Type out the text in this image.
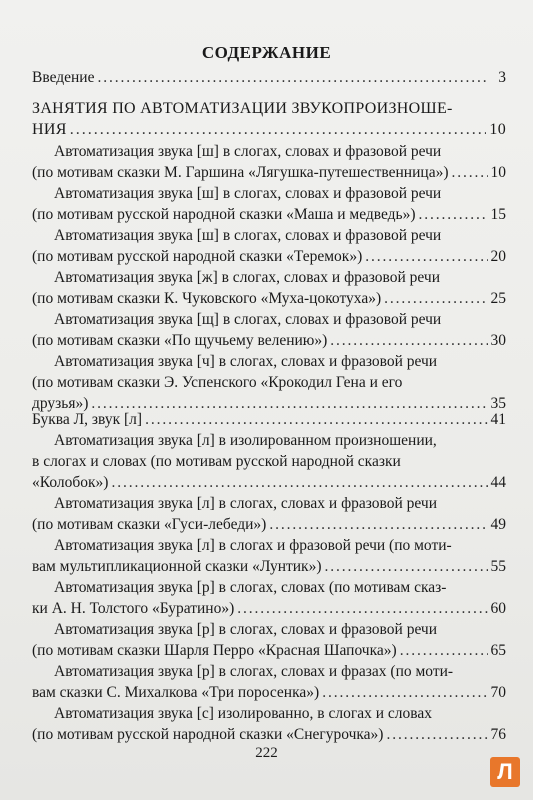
СОДЕРЖАНИЕ
Введение . . .	3
ЗАНЯТИЯ ПО АВТОМАТИЗАЦИИ ЗВУКОПРОИЗНОШЕ-
НИЯ . . .	10
Автоматизация звука [ш] в слогах, словах и фразовой речи
(по мотивам сказки М. Гаршина «Лягушка-путешественница») . . .	10
Автоматизация звука [ш] в слогах, словах и фразовой речи
(по мотивам русской народной сказки «Маша и медведь») . . .	15
Автоматизация звука [ш] в слогах, словах и фразовой речи
(по мотивам русской народной сказки «Теремок») . . .	20
Автоматизация звука [ж] в слогах, словах и фразовой речи
(по мотивам сказки К. Чуковского «Муха-цокотуха») . . .	25
Автоматизация звука [щ] в слогах, словах и фразовой речи
(по мотивам сказки «По щучьему велению») . . .	30
Автоматизация звука [ч] в слогах, словах и фразовой речи
(по мотивам сказки Э. Успенского «Крокодил Гена и его
друзья») . . .	35
Буква Л, звук [л] . . .	41
Автоматизация звука [л] в изолированном произношении,
в слогах и словах (по мотивам русской народной сказки
«Колобок») . . .	44
Автоматизация звука [л] в слогах, словах и фразовой речи
(по мотивам сказки «Гуси-лебеди») . . .	49
Автоматизация звука [л] в слогах и фразовой речи (по моти-
вам мультипликационной сказки «Лунтик») . . .	55
Автоматизация звука [р] в слогах, словах (по мотивам сказ-
ки А. Н. Толстого «Буратино») . . .	60
Автоматизация звука [р] в слогах, словах и фразовой речи
(по мотивам сказки Шарля Перро «Красная Шапочка») . . .	65
Автоматизация звука [р] в слогах, словах и фразах (по моти-
вам сказки С. Михалкова «Три поросенка») . . .	70
Автоматизация звука [с] изолированно, в слогах и словах
(по мотивам русской народной сказки «Снегурочка») . . .	76
222
Л
